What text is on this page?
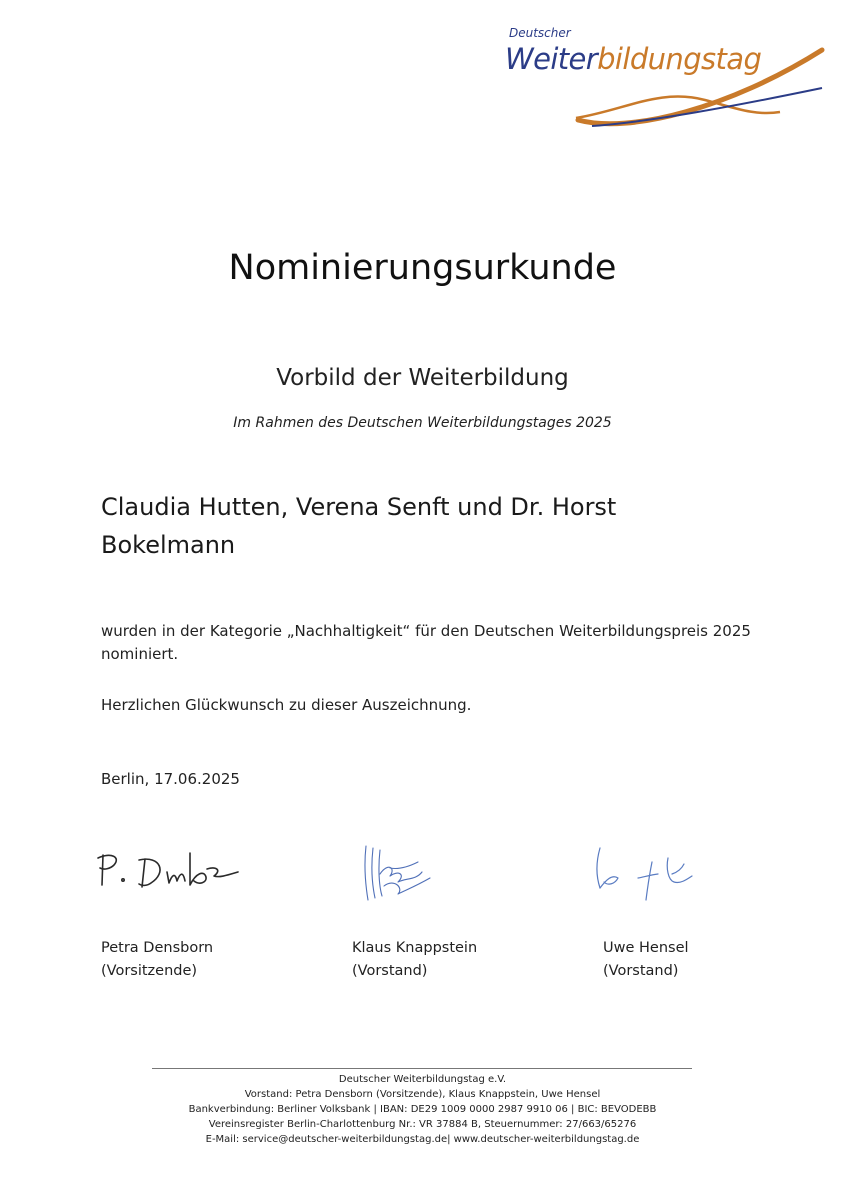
Deutscher
Weiterbildungstag
Nominierungsurkunde
Vorbild der Weiterbildung
Im Rahmen des Deutschen Weiterbildungstages 2025
Claudia Hutten, Verena Senft und Dr. Horst Bokelmann
wurden in der Kategorie „Nachhaltigkeit“ für den Deutschen Weiterbildungspreis 2025 nominiert.
Herzlichen Glückwunsch zu dieser Auszeichnung.
Berlin, 17.06.2025
Petra Densborn
(Vorsitzende)
Klaus Knappstein
(Vorstand)
Uwe Hensel
(Vorstand)
Deutscher Weiterbildungstag e.V.
Vorstand: Petra Densborn (Vorsitzende), Klaus Knappstein, Uwe Hensel
Bankverbindung: Berliner Volksbank | IBAN: DE29 1009 0000 2987 9910 06 | BIC: BEVODEBB
Vereinsregister Berlin-Charlottenburg Nr.: VR 37884 B, Steuernummer: 27/663/65276
E-Mail: service@deutscher-weiterbildungstag.de| www.deutscher-weiterbildungstag.de
